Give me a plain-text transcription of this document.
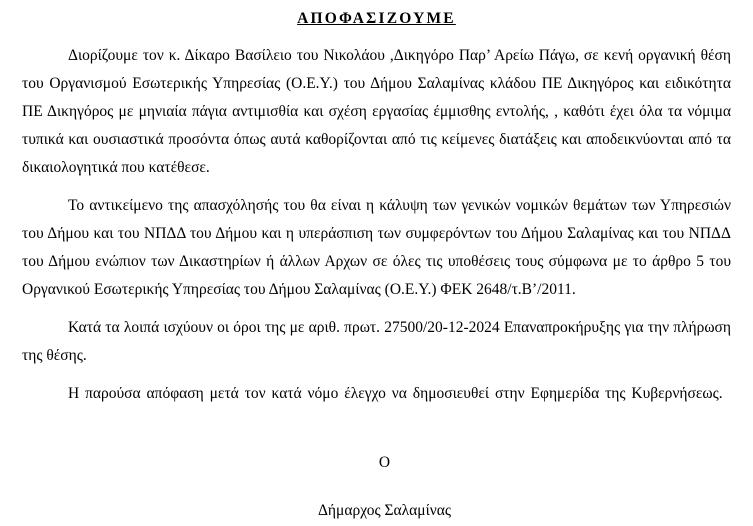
ΑΠΟΦΑΣΙΖΟΥΜΕ

Διορίζουμε τον κ. Δίκαρο Βασίλειο του Νικολάου ,Δικηγόρο Παρ’ Αρείω Πάγω, σε κενή οργανική θέση του Οργανισμού Εσωτερικής Υπηρεσίας (Ο.Ε.Υ.) του Δήμου Σαλαμίνας κλάδου ΠΕ Δικηγόρος και ειδικότητα ΠΕ Δικηγόρος με μηνιαία πάγια αντιμισθία και σχέση εργασίας έμμισθης εντολής, , καθότι έχει όλα τα νόμιμα τυπικά και ουσιαστικά προσόντα όπως αυτά καθορίζονται από τις κείμενες διατάξεις και αποδεικνύονται από τα δικαιολογητικά που κατέθεσε.

Το αντικείμενο της απασχόλησής του θα είναι η κάλυψη των γενικών νομικών θεμάτων των Υπηρεσιών του Δήμου και του ΝΠΔΔ του Δήμου και η υπεράσπιση των συμφερόντων του Δήμου Σαλαμίνας και του ΝΠΔΔ του Δήμου ενώπιον των Δικαστηρίων ή άλλων Αρχων σε όλες τις υποθέσεις τους σύμφωνα με το άρθρο 5 του Οργανικού Εσωτερικής Υπηρεσίας του Δήμου Σαλαμίνας (Ο.Ε.Υ.) ΦΕΚ 2648/τ.Β’/2011.

Κατά τα λοιπά ισχύουν οι όροι της με αριθ. πρωτ. 27500/20-12-2024 Επαναπροκήρυξης για την πλήρωση της θέσης.

Η παρούσα απόφαση μετά τον κατά νόμο έλεγχο να δημοσιευθεί στην Εφημερίδα της Κυβερνήσεως.

Ο
Δήμαρχος Σαλαμίνας
